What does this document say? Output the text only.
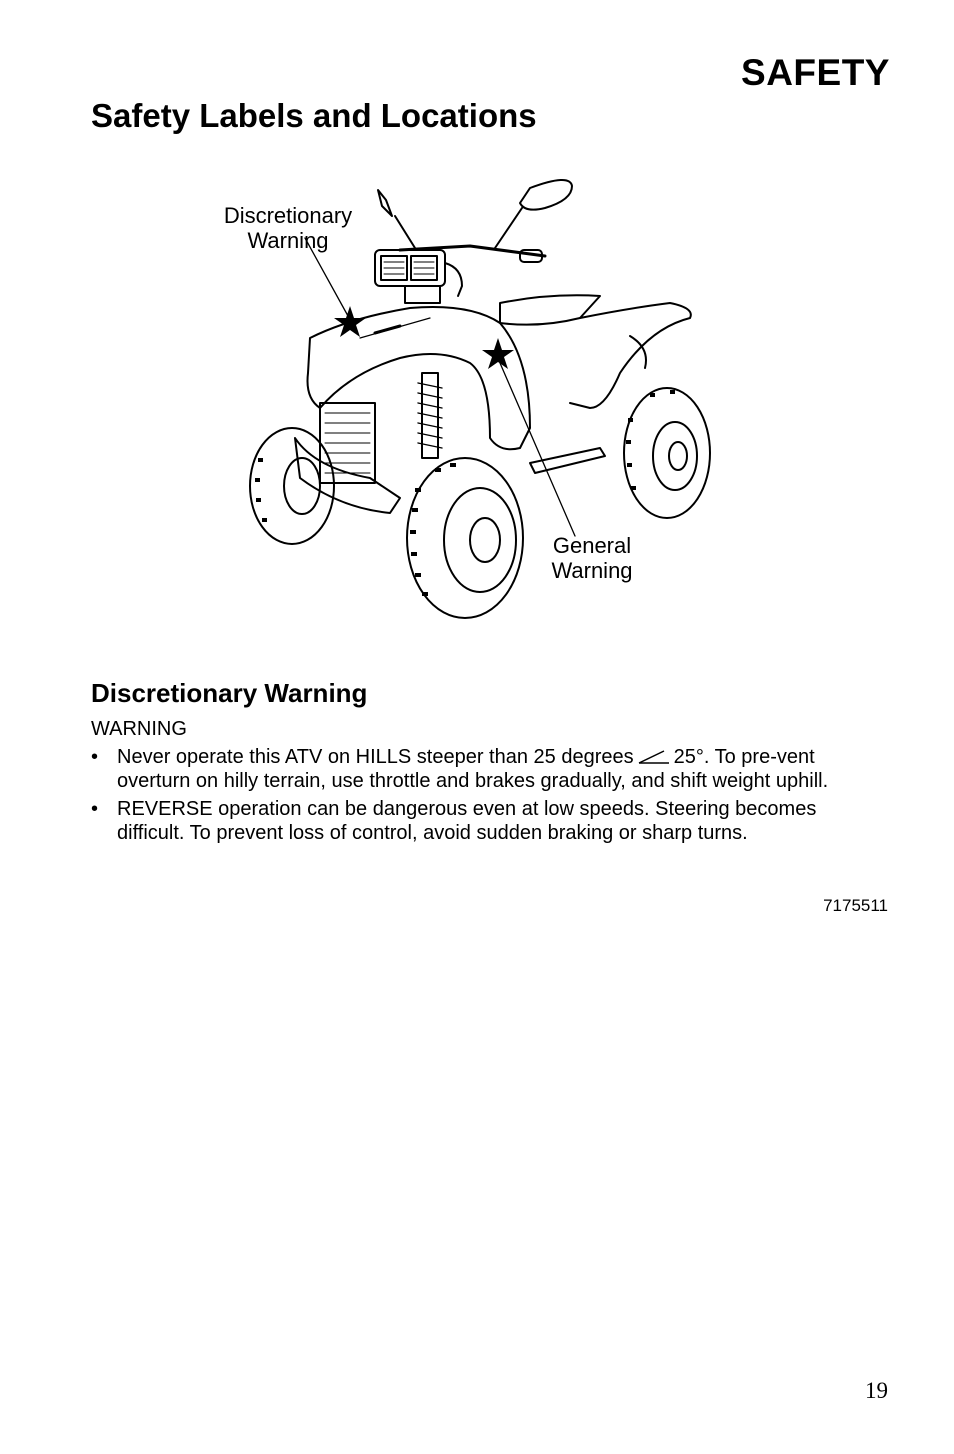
SAFETY
Safety Labels and Locations
Discretionary
Warning
General
Warning
Discretionary Warning
WARNING
• Never operate this ATV on HILLS steeper than 25 degrees 25°. To pre-vent overturn on hilly terrain, use throttle and brakes gradually, and shift weight uphill.
• REVERSE operation can be dangerous even at low speeds. Steering becomes difficult. To prevent loss of control, avoid sudden braking or sharp turns.
7175511
19
